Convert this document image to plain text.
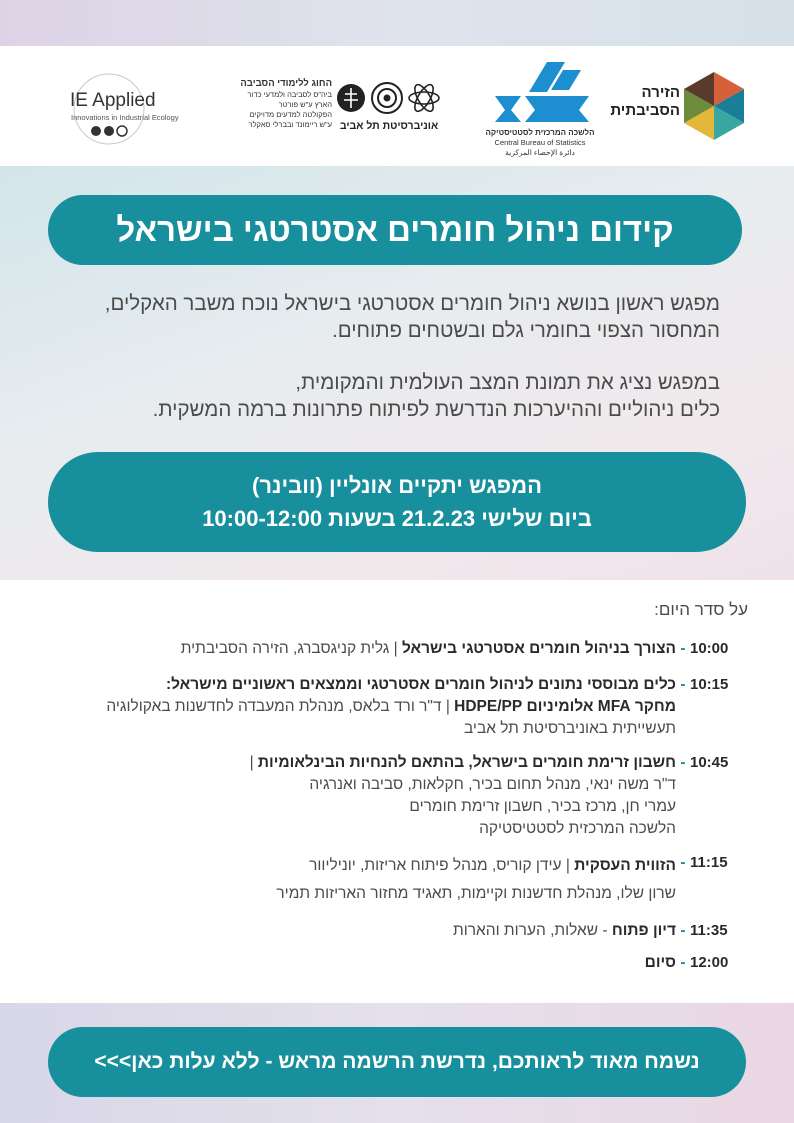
IE Applied
Innovations in Industrial Ecology
החוג ללימודי הסביבה
ביה"ס לסביבה ולמדעי כדור
הארץ ע"ש פורטר
הפקולטה למדעים מדויקים
ע"ש ריימונד ובברלי סאקלר אוניברסיטת תל אביב
הלשכה המרכזית לסטטיסטיקה
Central Bureau of Statistics
دائرة الإحصاء المركزية
הזירה
הסביבתית
קידום ניהול חומרים אסטרטגי בישראל

מפגש ראשון בנושא ניהול חומרים אסטרטגי בישראל נוכח משבר האקלים,
המחסור הצפוי בחומרי גלם ובשטחים פתוחים.

במפגש נציג את תמונת המצב העולמית והמקומית,
כלים ניהוליים וההיערכות הנדרשת לפיתוח פתרונות ברמה המשקית.

המפגש יתקיים אונליין (וובינר)
ביום שלישי 21.2.23 בשעות 10:00-12:00
על סדר היום:
10:00
-
הצורך בניהול חומרים אסטרטגי בישראל | גלית קניגסברג, הזירה הסביבתית
10:15
-
כלים מבוססי נתונים לניהול חומרים אסטרטגי וממצאים ראשוניים מישראל:
מחקר MFA אלומיניום HDPE/PP | ד"ר ורד בלאס, מנהלת המעבדה לחדשנות באקולוגיה
תעשייתית באוניברסיטת תל אביב
10:45
-
חשבון זרימת חומרים בישראל, בהתאם להנחיות הבינלאומיות |
ד"ר משה ינאי, מנהל תחום בכיר, חקלאות, סביבה ואנרגיה
עמרי חן, מרכז בכיר, חשבון זרימת חומרים
הלשכה המרכזית לסטטיסטיקה
11:15
-
הזווית העסקית | עידן קוריס, מנהל פיתוח אריזות, יוניליוור
שרון שלו, מנהלת חדשנות וקיימות, תאגיד מחזור האריזות תמיר
11:35
-
דיון פתוח - שאלות, הערות והארות
12:00
-
סיום
נשמח מאוד לראותכם, נדרשת הרשמה מראש - ללא עלות כאן>>>
